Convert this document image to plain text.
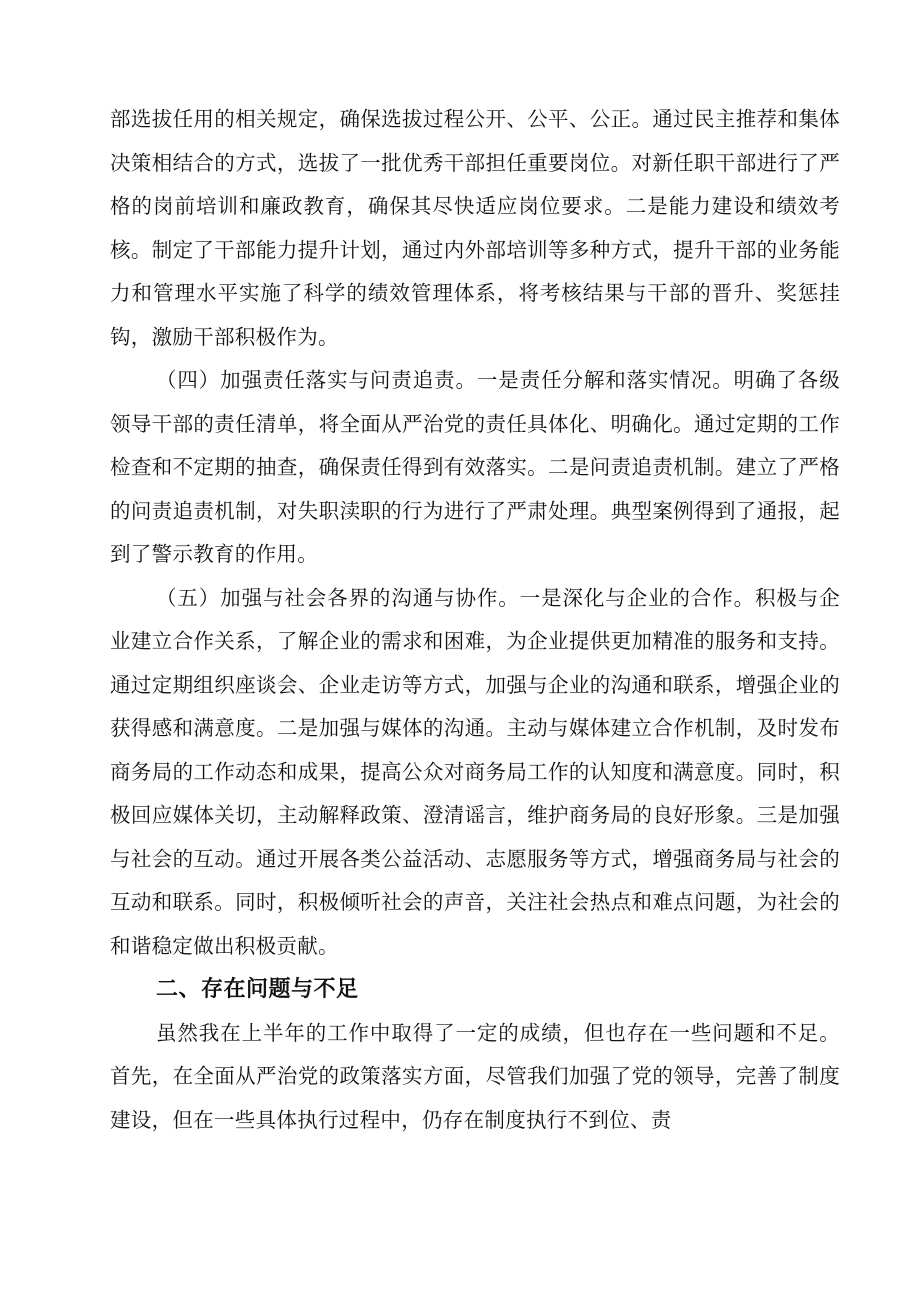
部选拔任用的相关规定，确保选拔过程公开、公平、公正。通过民主推荐和集体决策相结合的方式，选拔了一批优秀干部担任重要岗位。对新任职干部进行了严格的岗前培训和廉政教育，确保其尽快适应岗位要求。二是能力建设和绩效考核。制定了干部能力提升计划，通过内外部培训等多种方式，提升干部的业务能力和管理水平实施了科学的绩效管理体系，将考核结果与干部的晋升、奖惩挂钩，激励干部积极作为。

（四）加强责任落实与问责追责。一是责任分解和落实情况。明确了各级领导干部的责任清单，将全面从严治党的责任具体化、明确化。通过定期的工作检查和不定期的抽查，确保责任得到有效落实。二是问责追责机制。建立了严格的问责追责机制，对失职渎职的行为进行了严肃处理。典型案例得到了通报，起到了警示教育的作用。

（五）加强与社会各界的沟通与协作。一是深化与企业的合作。积极与企业建立合作关系，了解企业的需求和困难，为企业提供更加精准的服务和支持。通过定期组织座谈会、企业走访等方式，加强与企业的沟通和联系，增强企业的获得感和满意度。二是加强与媒体的沟通。主动与媒体建立合作机制，及时发布商务局的工作动态和成果，提高公众对商务局工作的认知度和满意度。同时，积极回应媒体关切，主动解释政策、澄清谣言，维护商务局的良好形象。三是加强与社会的互动。通过开展各类公益活动、志愿服务等方式，增强商务局与社会的互动和联系。同时，积极倾听社会的声音，关注社会热点和难点问题，为社会的和谐稳定做出积极贡献。

二、存在问题与不足

虽然我在上半年的工作中取得了一定的成绩，但也存在一些问题和不足。首先，在全面从严治党的政策落实方面，尽管我们加强了党的领导，完善了制度建设，但在一些具体执行过程中，仍存在制度执行不到位、责
